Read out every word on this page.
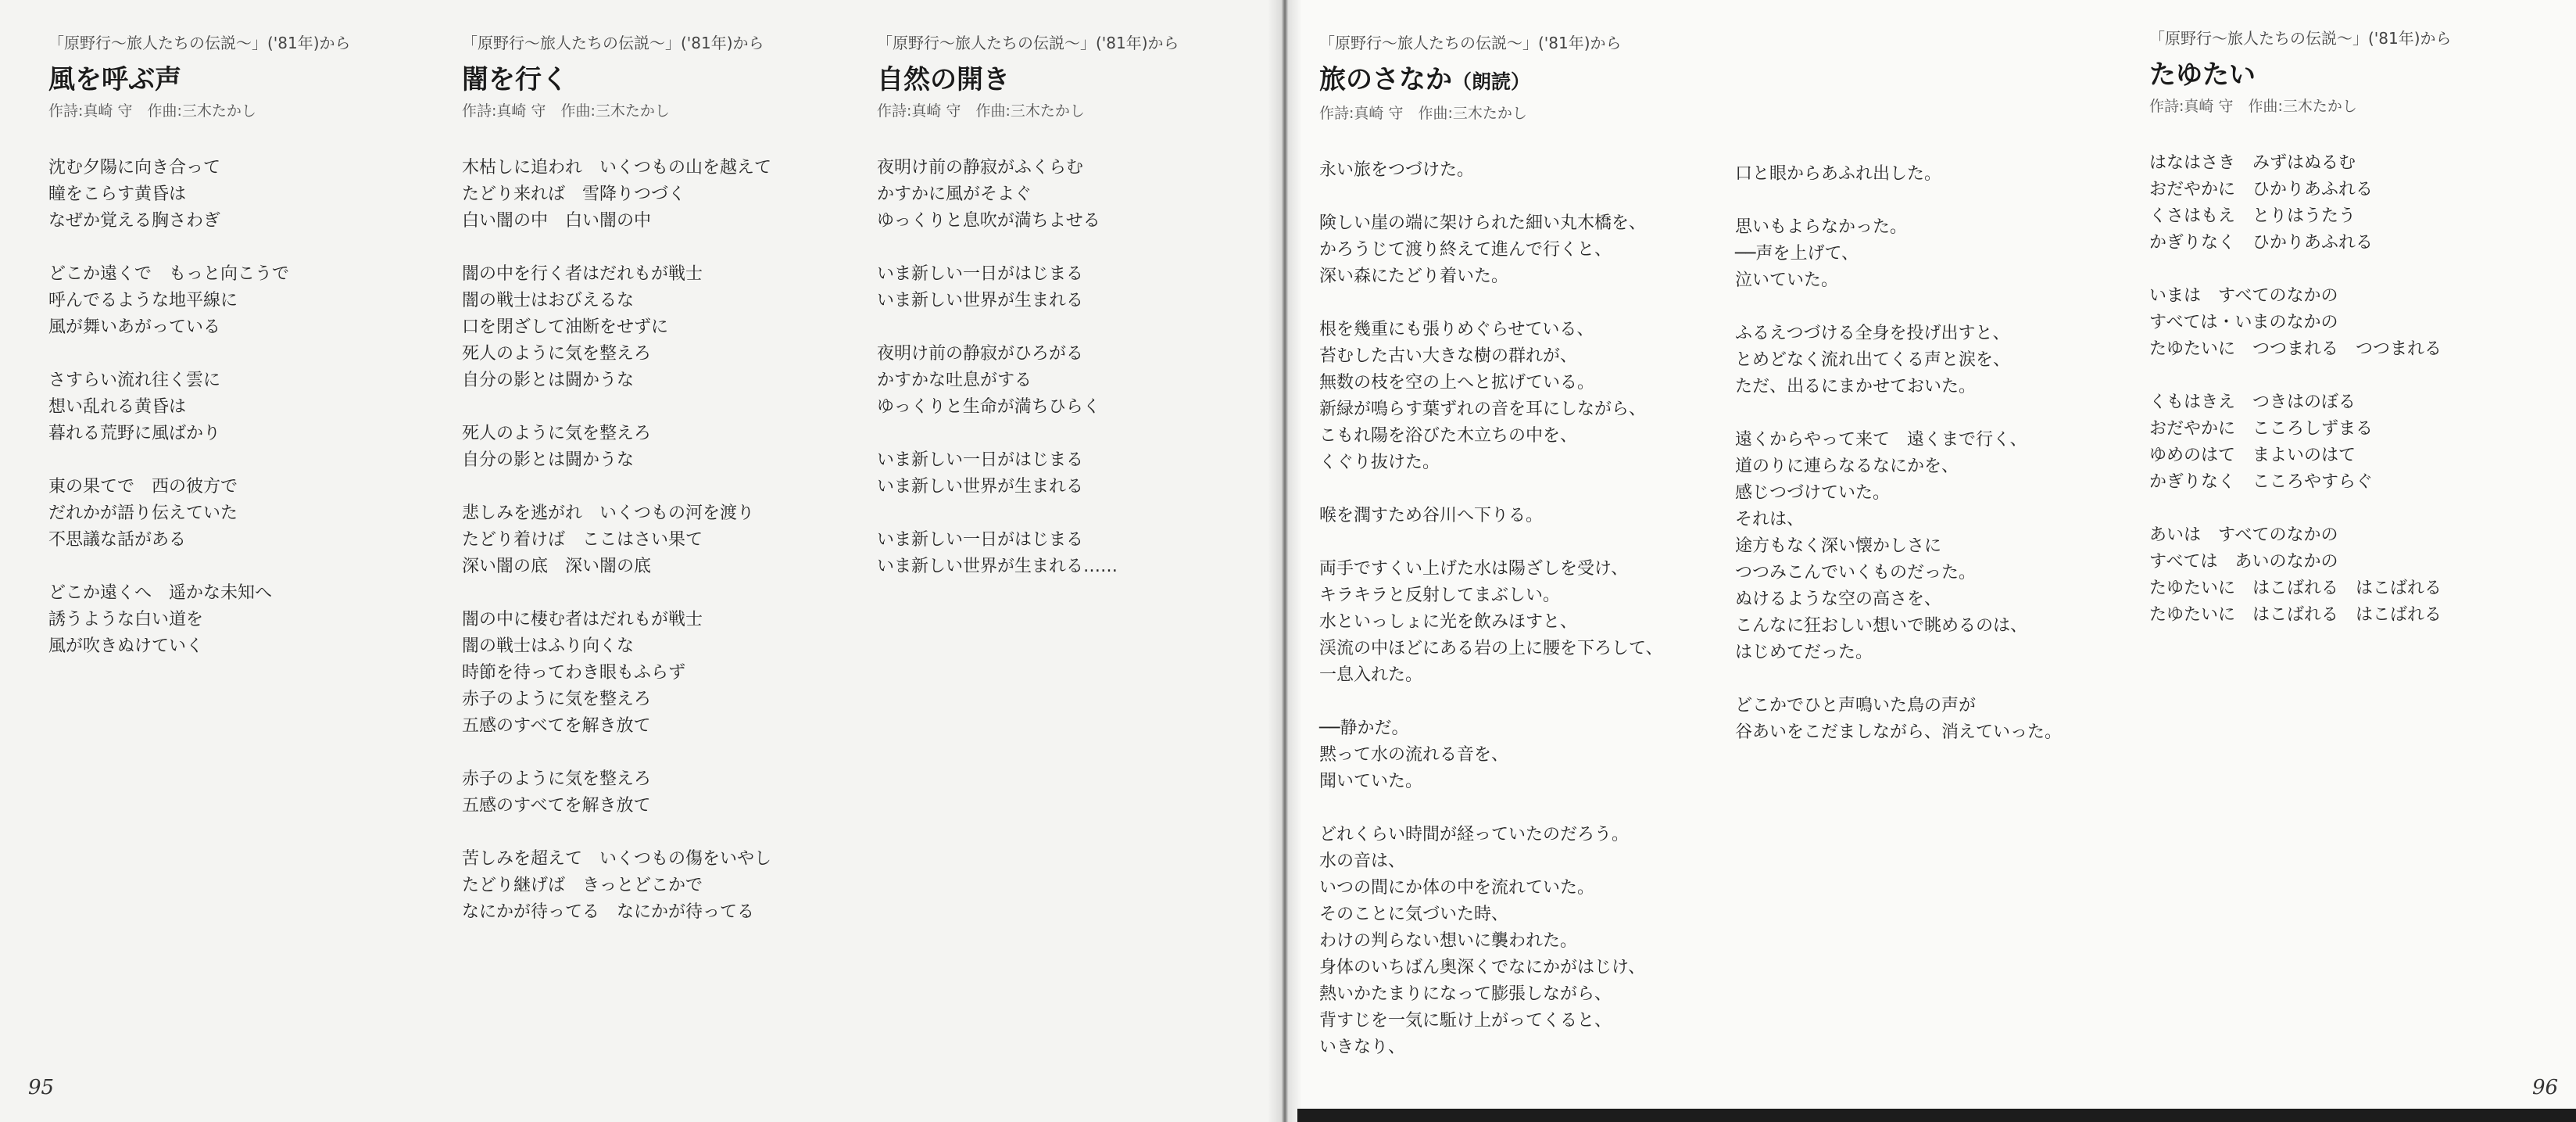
「原野行〜旅人たちの伝説〜」('81年)から
風を呼ぶ声
作詩:真崎 守　作曲:三木たかし
沈む夕陽に向き合って
瞳をこらす黄昏は
なぜか覚える胸さわぎ
どこか遠くで　もっと向こうで
呼んでるような地平線に
風が舞いあがっている
さすらい流れ往く雲に
想い乱れる黄昏は
暮れる荒野に風ばかり
東の果てで　西の彼方で
だれかが語り伝えていた
不思議な話がある
どこか遠くへ　遥かな未知へ
誘うような白い道を
風が吹きぬけていく
「原野行〜旅人たちの伝説〜」('81年)から
闇を行く
作詩:真崎 守　作曲:三木たかし
木枯しに追われ　いくつもの山を越えて
たどり来れば　雪降りつづく
白い闇の中　白い闇の中
闇の中を行く者はだれもが戦士
闇の戦士はおびえるな
口を閉ざして油断をせずに
死人のように気を整えろ
自分の影とは闘かうな
死人のように気を整えろ
自分の影とは闘かうな
悲しみを逃がれ　いくつもの河を渡り
たどり着けば　ここはさい果て
深い闇の底　深い闇の底
闇の中に棲む者はだれもが戦士
闇の戦士はふり向くな
時節を待ってわき眼もふらず
赤子のように気を整えろ
五感のすべてを解き放て
赤子のように気を整えろ
五感のすべてを解き放て
苦しみを超えて　いくつもの傷をいやし
たどり継げば　きっとどこかで
なにかが待ってる　なにかが待ってる
「原野行〜旅人たちの伝説〜」('81年)から
自然の開き
作詩:真崎 守　作曲:三木たかし
夜明け前の静寂がふくらむ
かすかに風がそよぐ
ゆっくりと息吹が満ちよせる
いま新しい一日がはじまる
いま新しい世界が生まれる
夜明け前の静寂がひろがる
かすかな吐息がする
ゆっくりと生命が満ちひらく
いま新しい一日がはじまる
いま新しい世界が生まれる
いま新しい一日がはじまる
いま新しい世界が生まれる……
「原野行〜旅人たちの伝説〜」('81年)から
旅のさなか（朗読）
作詩:真崎 守　作曲:三木たかし
永い旅をつづけた。
険しい崖の端に架けられた細い丸木橋を、
かろうじて渡り終えて進んで行くと、
深い森にたどり着いた。
根を幾重にも張りめぐらせている、
苔むした古い大きな樹の群れが、
無数の枝を空の上へと拡げている。
新緑が鳴らす葉ずれの音を耳にしながら、
こもれ陽を浴びた木立ちの中を、
くぐり抜けた。
喉を潤すため谷川へ下りる。
両手ですくい上げた水は陽ざしを受け、
キラキラと反射してまぶしい。
水といっしょに光を飲みほすと、
渓流の中ほどにある岩の上に腰を下ろして、
一息入れた。
──静かだ。
黙って水の流れる音を、
聞いていた。
どれくらい時間が経っていたのだろう。
水の音は、
いつの間にか体の中を流れていた。
そのことに気づいた時、
わけの判らない想いに襲われた。
身体のいちばん奥深くでなにかがはじけ、
熱いかたまりになって膨張しながら、
背すじを一気に駈け上がってくると、
いきなり、
口と眼からあふれ出した。
思いもよらなかった。
──声を上げて、
泣いていた。
ふるえつづける全身を投げ出すと、
とめどなく流れ出てくる声と涙を、
ただ、出るにまかせておいた。
遠くからやって来て　遠くまで行く、
道のりに連らなるなにかを、
感じつづけていた。
それは、
途方もなく深い懐かしさに
つつみこんでいくものだった。
ぬけるような空の高さを、
こんなに狂おしい想いで眺めるのは、
はじめてだった。
どこかでひと声鳴いた鳥の声が
谷あいをこだましながら、消えていった。
「原野行〜旅人たちの伝説〜」('81年)から
たゆたい
作詩:真崎 守　作曲:三木たかし
はなはさき　みずはぬるむ
おだやかに　ひかりあふれる
くさはもえ　とりはうたう
かぎりなく　ひかりあふれる
いまは　すべてのなかの
すべては・いまのなかの
たゆたいに　つつまれる　つつまれる
くもはきえ　つきはのぼる
おだやかに　こころしずまる
ゆめのはて　まよいのはて
かぎりなく　こころやすらぐ
あいは　すべてのなかの
すべては　あいのなかの
たゆたいに　はこばれる　はこばれる
たゆたいに　はこばれる　はこばれる
95	96
